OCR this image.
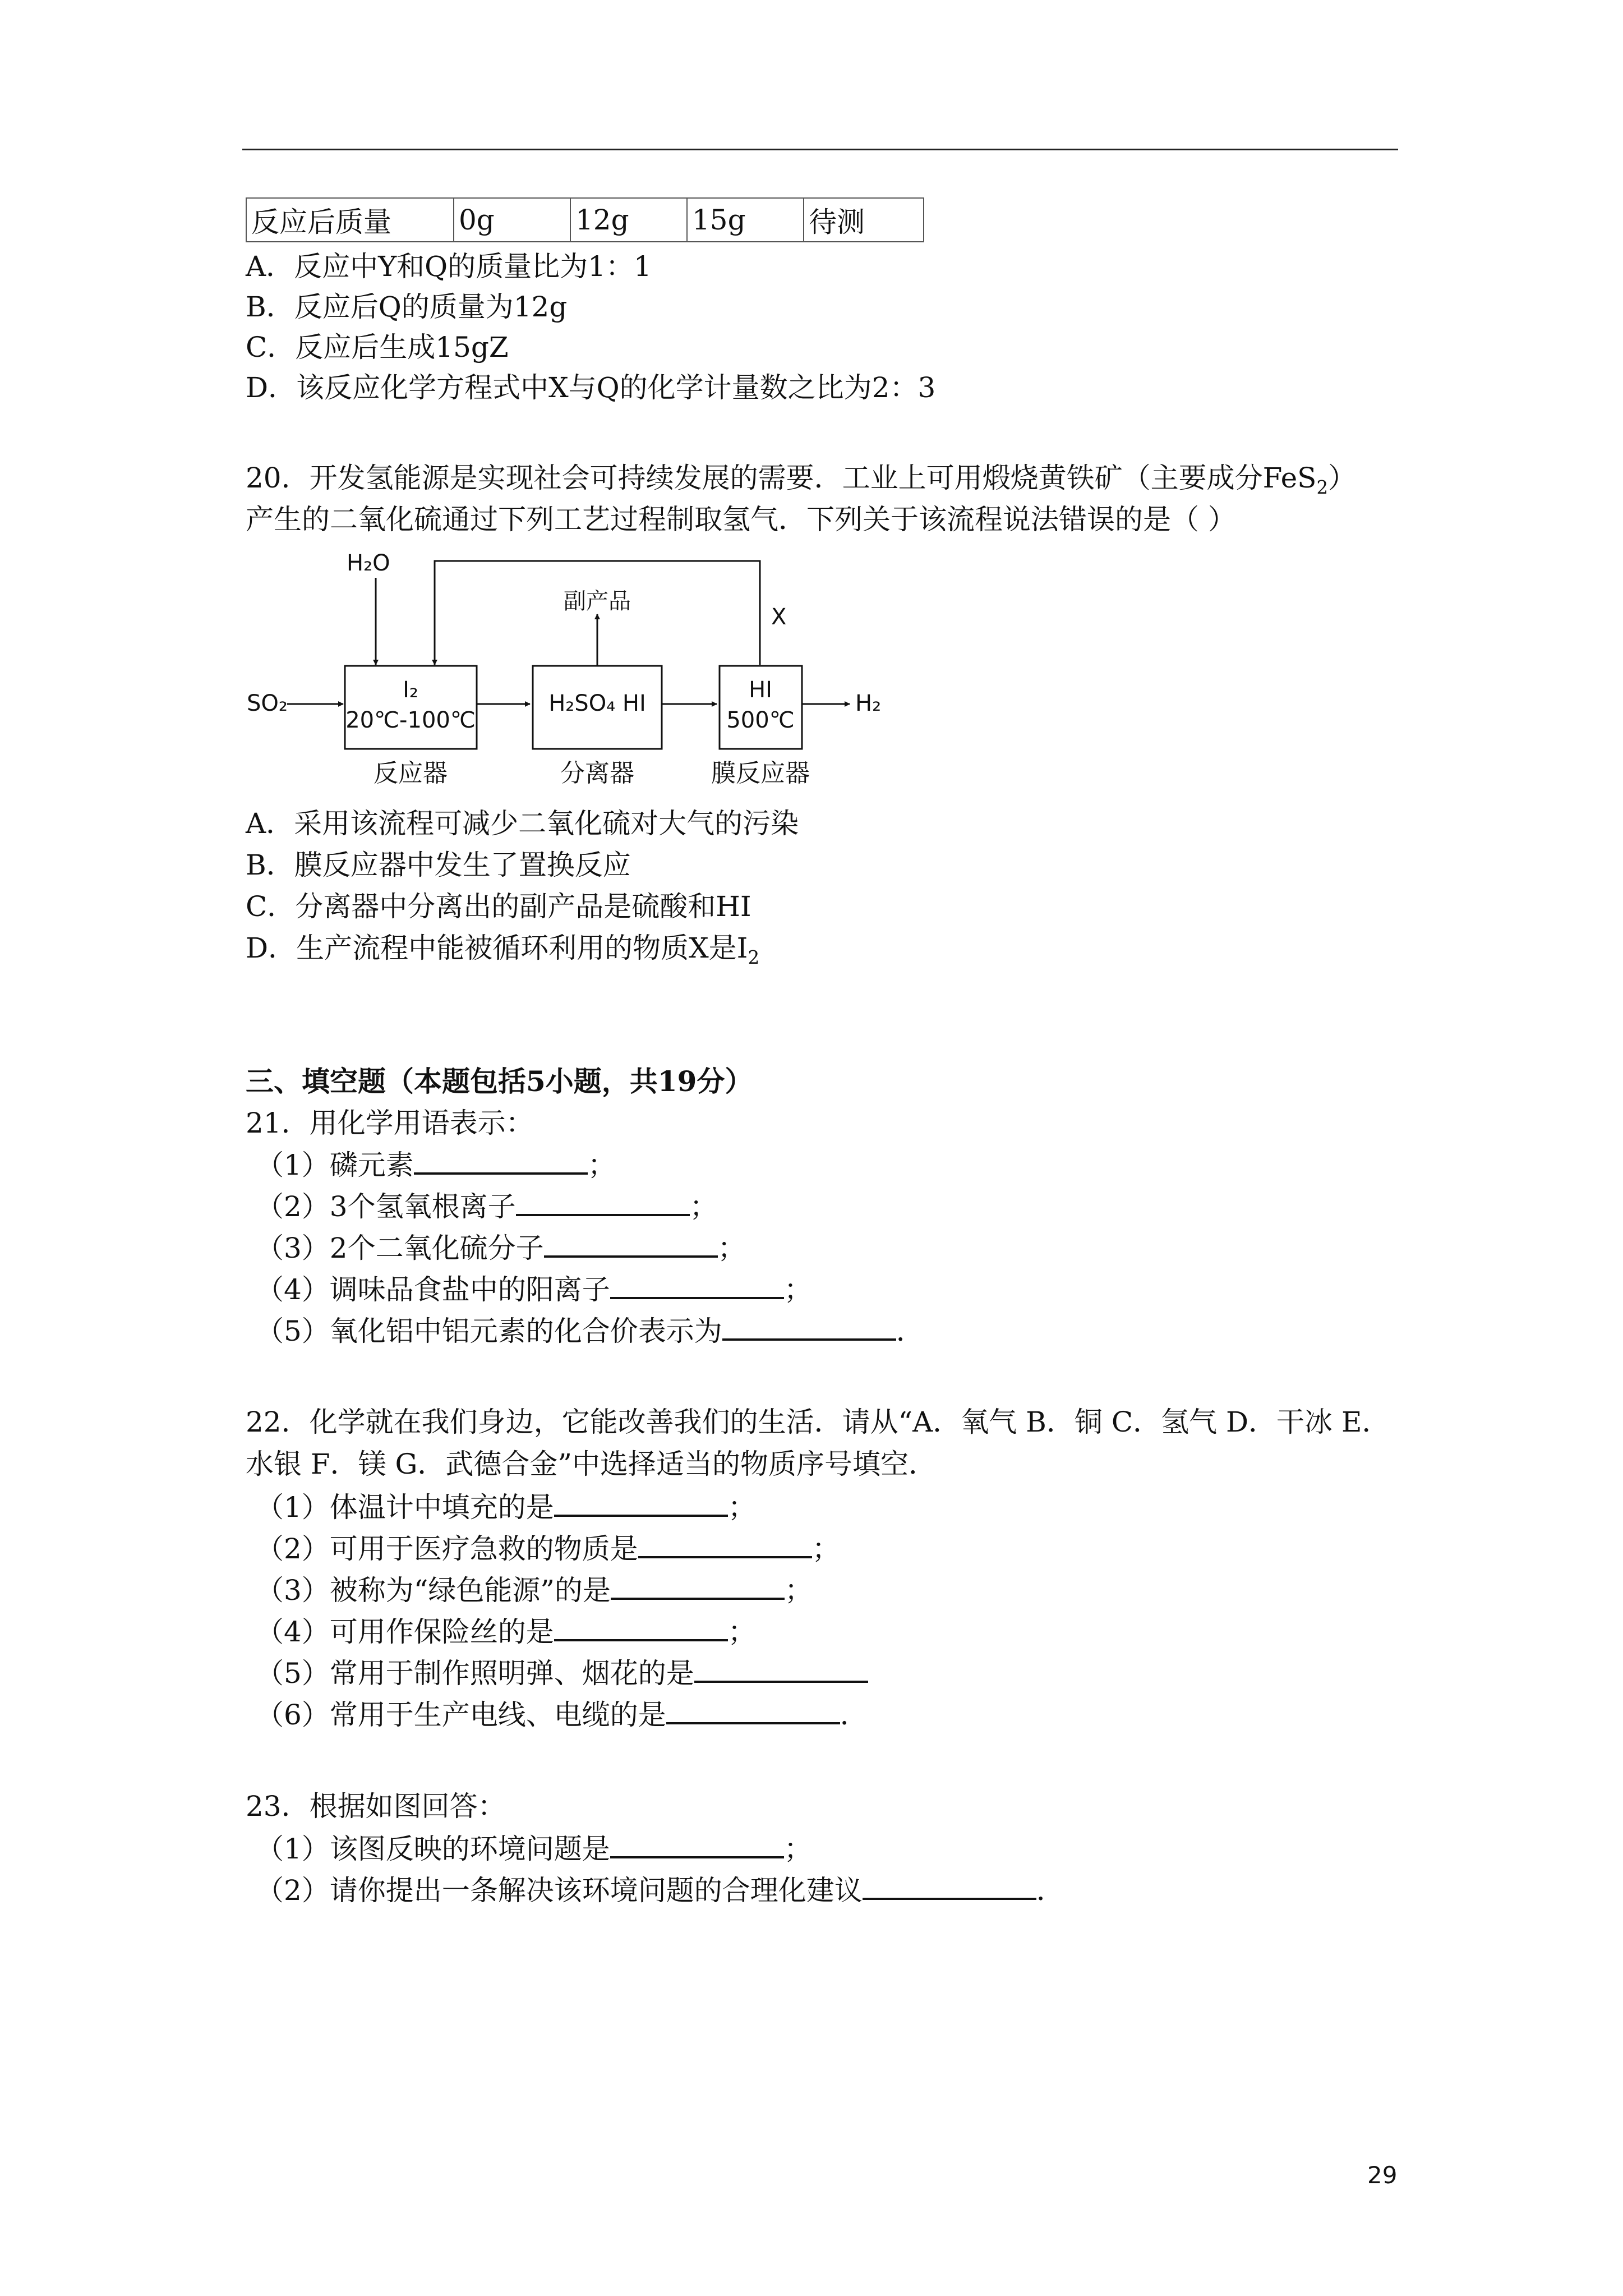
反应后质量	0g	12g	15g	待测
A．反应中Y和Q的质量比为1：1
B．反应后Q的质量为12g
C．反应后生成15gZ
D．该反应化学方程式中X与Q的化学计量数之比为2：3
20．开发氢能源是实现社会可持续发展的需要．工业上可用煅烧黄铁矿（主要成分FeS$_2$）
产生的二氧化硫通过下列工艺过程制取氢气．下列关于该流程说法错误的是（ ）
H₂O
X
副产品
SO₂
I₂
20℃-100℃
H₂SO₄ HI
HI
500℃
H₂
反应器	分离器	膜反应器
A．采用该流程可减少二氧化硫对大气的污染
B．膜反应器中发生了置换反应
C．分离器中分离出的副产品是硫酸和HI
D．生产流程中能被循环利用的物质X是$I_2$
三、填空题（本题包括5小题，共19分）
21．用化学用语表示：
（1）磷元素	；
（2）3个氢氧根离子	；
（3）2个二氧化硫分子	；
（4）调味品食盐中的阳离子	；
（5）氧化铝中铝元素的化合价表示为	．
22．化学就在我们身边，它能改善我们的生活．请从“A．氧气 B．铜 C．氢气 D．干冰 E．
水银 F．镁 G．武德合金”中选择适当的物质序号填空．
（1）体温计中填充的是	；
（2）可用于医疗急救的物质是	；
（3）被称为“绿色能源”的是	；
（4）可用作保险丝的是	；
（5）常用于制作照明弹、烟花的是
（6）常用于生产电线、电缆的是	．
23．根据如图回答：
（1）该图反映的环境问题是	；
（2）请你提出一条解决该环境问题的合理化建议	．
29
